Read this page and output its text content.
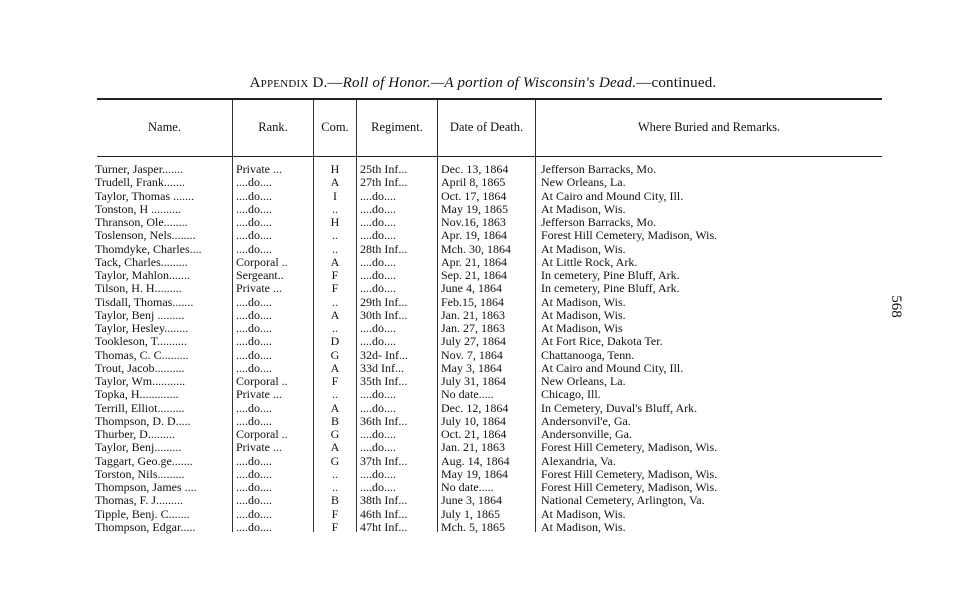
Appendix D.—Roll of Honor.—A portion of Wisconsin's Dead.—continued.
568
Name.	Rank.	Com.	Regiment.	Date of Death.	Where Buried and Remarks.
Turner, Jasper.......	Private ...	H	25th Inf...	Dec. 13, 1864	Jefferson Barracks, Mo.
Trudell, Frank.......	....do....	A	27th Inf...	April 8, 1865	New Orleans, La.
Taylor, Thomas .......	....do....	I	....do....	Oct. 17, 1864	At Cairo and Mound City, Ill.
Tonston, H ..........	....do....	..	....do....	May 19, 1865	At Madison, Wis.
Thranson, Ole........	....do....	H	....do....	Nov.16, 1863	Jefferson Barracks, Mo.
Toslenson, Nels........	....do....	..	....do....	Apr. 19, 1864	Forest Hill Cemetery, Madison, Wis.
Thomdyke, Charles....	....do....	..	28th Inf...	Mch. 30, 1864	At Madison, Wis.
Tack, Charles.........	Corporal ..	A	....do....	Apr. 21, 1864	At Little Rock, Ark.
Taylor, Mahlon.......	Sergeant..	F	....do....	Sep. 21, 1864	In cemetery, Pine Bluff, Ark.
Tilson, H. H.........	Private ...	F	....do....	June 4, 1864	In cemetery, Pine Bluff, Ark.
Tisdall, Thomas.......	....do....	..	29th Inf...	Feb.15, 1864	At Madison, Wis.
Taylor, Benj .........	....do....	A	30th Inf...	Jan. 21, 1863	At Madison, Wis.
Taylor, Hesley........	....do....	..	....do....	Jan. 27, 1863	At Madison, Wis
Tookleson, T..........	....do....	D	....do....	July 27, 1864	At Fort Rice, Dakota Ter.
Thomas, C. C.........	....do....	G	32d- Inf...	Nov. 7, 1864	Chattanooga, Tenn.
Trout, Jacob..........	....do....	A	33d Inf...	May 3, 1864	At Cairo and Mound City, Ill.
Taylor, Wm...........	Corporal ..	F	35th Inf...	July 31, 1864	New Orleans, La.
Topka, H.............	Private ...	..	....do....	No date.....	Chicago, Ill.
Terrill, Elliot.........	....do....	A	....do....	Dec. 12, 1864	In Cemetery, Duval's Bluff, Ark.
Thompson, D. D.....	....do....	B	36th Inf...	July 10, 1864	Andersonvil'e, Ga.
Thurber, D.........	Corporal ..	G	....do....	Oct. 21, 1864	Andersonville, Ga.
Taylor, Benj.........	Private ...	A	....do....	Jan. 21, 1863	Forest Hill Cemetery, Madison, Wis.
Taggart, Geo.ge.......	....do....	G	37th Inf...	Aug. 14, 1864	Alexandria, Va.
Torston, Nils.........	....do....	..	....do....	May 19, 1864	Forest Hill Cemetery, Madison, Wis.
Thompson, James ....	....do....	..	....do....	No date.....	Forest Hill Cemetery, Madison, Wis.
Thomas, F. J.........	....do....	B	38th Inf...	June 3, 1864	National Cemetery, Arlington, Va.
Tipple, Benj. C.......	....do....	F	46th Inf...	July 1, 1865	At Madison, Wis.
Thompson, Edgar.....	....do....	F	47ht Inf...	Mch. 5, 1865	At Madison, Wis.
